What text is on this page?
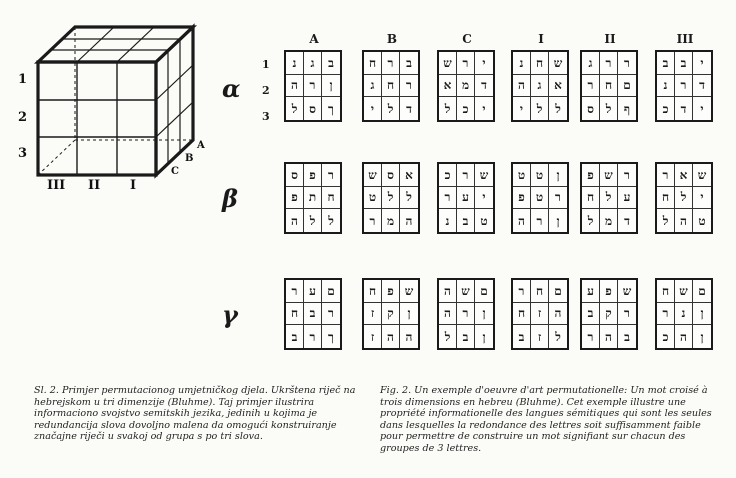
1
2
3
A
B
C
III II I
A	B	C	I	II	III
1
2
3
α
β
γ
נ	ג	ב
ה ר	ן
ל ס	ך
ח ר	ב
ג	ח	ר
י	ל	ד
ש ר	י
א מ	ד
ל	כ	י
נ	ח ש
ה	ג	א
י	ל	ל
ג	ר	ר
ר ח ם
ס ל	ף
ב	ב	י
נ	ר	ד
כ	ד	י
ס פ	ר
פ ת ח
ה ל	ל
ש ס א
ט ל	ל
ר מ ה
כ	ר ש
ר ע	י
נ	ב ט
ט ט	ן
פ ט ר
ה ר	ן
פ ש ר
ח ל	ע
ל מ	ד
ר א ש
ח ל	י
ל ה ט
ר ע ם
ח ב	ר
ב	ר	ך
ח פ ש
ז	ק	ן
ז	ה ה
ה ש ם
ה ר	ן
ל	ב	ן
ר ח ם
ח	ז	ה
ב	ז	ל
ע פ ש
ב ק	ר
ר ה	ב
ח ש ם
ר	נ	ן
כ ה	ן
Sl. 2. Primjer permutacionog umjetničkog djela. Ukrštena riječ na hebrejskom u tri dimenzije (Bluhme). Taj primjer ilustrira informaciono svojstvo semitskih jezika, jedinih u kojima je redundancija slova dovoljno malena da omogući konstruiranje značajne riječi u svakoj od grupa s po tri slova.
Fig. 2. Un exemple d'oeuvre d'art permutationelle: Un mot croisé à trois dimensions en hebreu (Bluhme). Cet exemple illustre une propriété informationelle des langues sémitiques qui sont les seules dans lesquelles la redondance des lettres soit suffisamment faible pour permettre de construire un mot signifiant sur chacun des groupes de 3 lettres.
